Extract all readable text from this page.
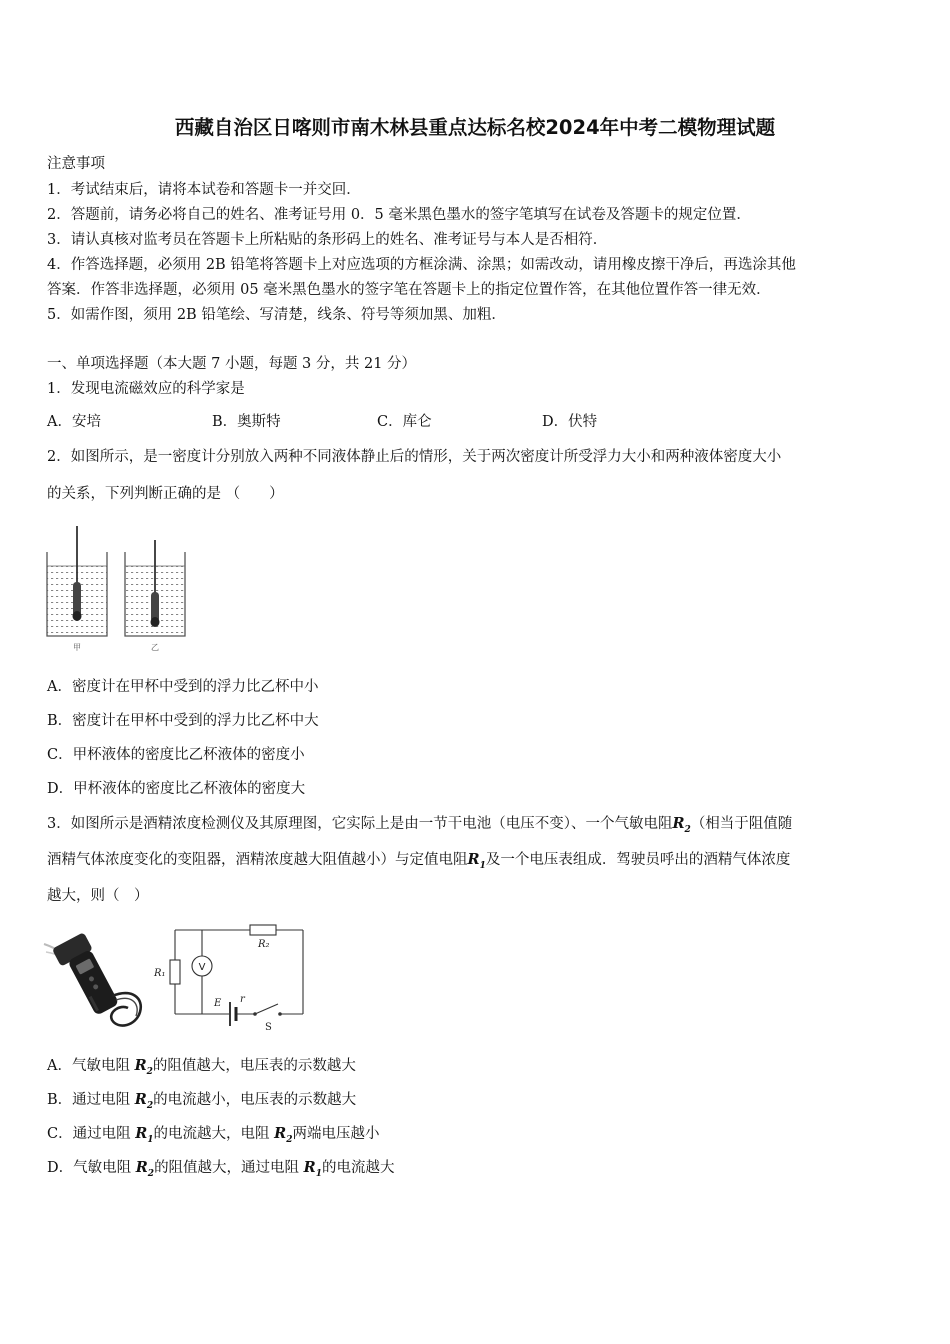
西藏自治区日喀则市南木林县重点达标名校2024年中考二模物理试题
注意事项
1．考试结束后，请将本试卷和答题卡一并交回．
2．答题前，请务必将自己的姓名、准考证号用 0．5 毫米黑色墨水的签字笔填写在试卷及答题卡的规定位置．
3．请认真核对监考员在答题卡上所粘贴的条形码上的姓名、准考证号与本人是否相符．
4．作答选择题，必须用 2B 铅笔将答题卡上对应选项的方框涂满、涂黑；如需改动，请用橡皮擦干净后，再选涂其他
答案．作答非选择题，必须用 05 毫米黑色墨水的签字笔在答题卡上的指定位置作答，在其他位置作答一律无效．
5．如需作图，须用 2B 铅笔绘、写清楚，线条、符号等须加黑、加粗．
一、单项选择题（本大题 7 小题，每题 3 分，共 21 分）
1．发现电流磁效应的科学家是
A．安培	B．奥斯特	C．库仑	D．伏特
2．如图所示，是一密度计分别放入两种不同液体静止后的情形，关于两次密度计所受浮力大小和两种液体密度大小
的关系，下列判断正确的是 （　　）
甲	乙
A．密度计在甲杯中受到的浮力比乙杯中小
B．密度计在甲杯中受到的浮力比乙杯中大
C．甲杯液体的密度比乙杯液体的密度小
D．甲杯液体的密度比乙杯液体的密度大
3．如图所示是酒精浓度检测仪及其原理图，它实际上是由一节干电池（电压不变）、一个气敏电阻$R_2$（相当于阻值随
酒精气体浓度变化的变阻器，酒精浓度越大阻值越小）与定值电阻$R_1$及一个电压表组成．驾驶员呼出的酒精气体浓度
越大，则（　）
R₂
R₁
E r
V
S
A．气敏电阻 $R_2$的阻值越大，电压表的示数越大
B．通过电阻 $R_2$的电流越小，电压表的示数越大
C．通过电阻 $R_1$的电流越大，电阻 $R_2$两端电压越小
D．气敏电阻 $R_2$的阻值越大，通过电阻 $R_1$的电流越大
